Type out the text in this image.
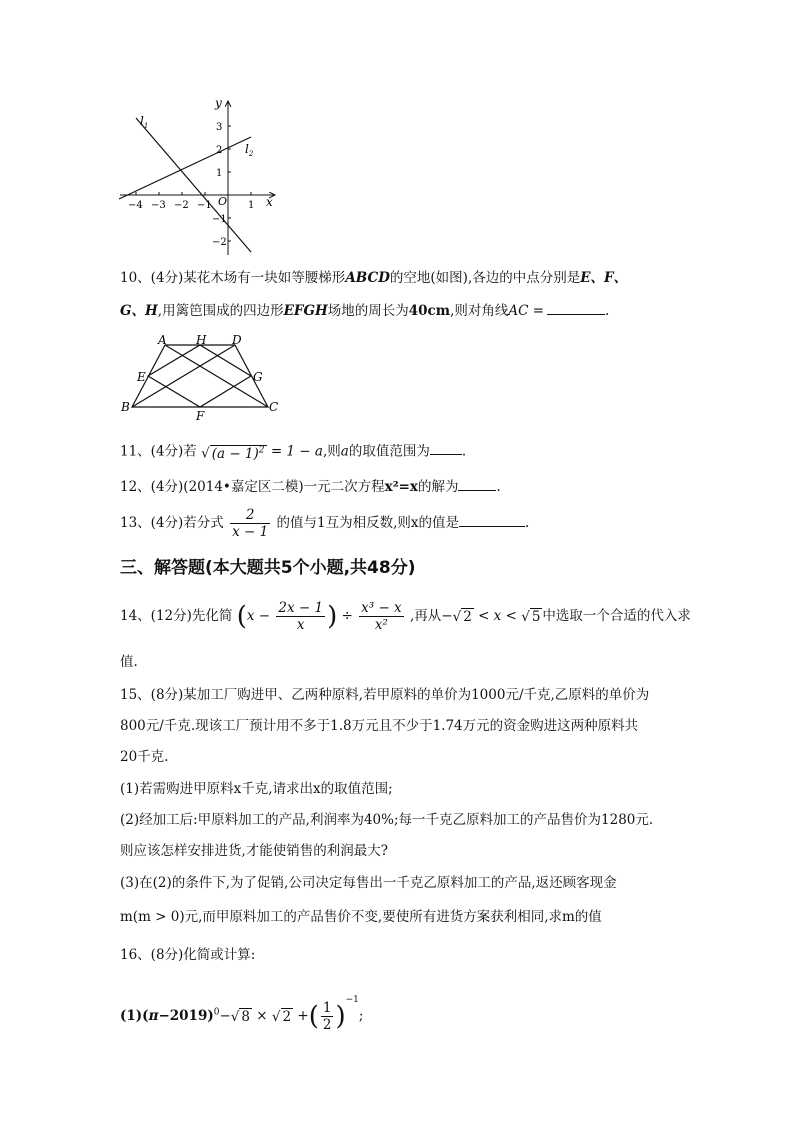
y
x
O
$l_1$
$l_2$
−4 −3 −2 −1	1
3
2
1
−1
−2
10、(4分)某花木场有一块如等腰梯形ABCD的空地(如图),各边的中点分别是E、F、
G、H,用篱笆围成的四边形EFGH场地的周长为40cm,则对角线AC =	.
A H D
E	G
B
F
C
11、(4分)若 √ $(a - 1)^2 = 1 - a$,则a的取值范围为 .
12、(4分)(2014•嘉定区二模)一元二次方程x²=x的解为	.
13、(4分)若分式 $\frac{2}{x - 1}$ 的值与1互为相反数,则x的值是	.
三、解答题(本大题共5个小题,共48分)
14、(12分)先化简 ($x - \frac{2x - 1}{x}$ ) ÷ $\frac{\text{x³ − x}}{\text{x²}}$ ,再从−√ 2 < x < √ 5 中选取一个合适的代入求
值.
15、(8分)某加工厂购进甲、乙两种原料,若甲原料的单价为1000元/千克,乙原料的单价为
800元/千克.现该工厂预计用不多于1.8万元且不少于1.74万元的资金购进这两种原料共
20千克.
(1)若需购进甲原料x千克,请求出x的取值范围;
(2)经加工后:甲原料加工的产品,利润率为40%;每一千克乙原料加工的产品售价为1280元.
则应该怎样安排进货,才能使销售的利润最大?
(3)在(2)的条件下,为了促销,公司决定每售出一千克乙原料加工的产品,返还顾客现金
m(m > 0)元,而甲原料加工的产品售价不变,要使所有进货方案获利相同,求m的值
16、(8分)化简或计算:
$(1)(\pi-2019)^0-√$ 8 × √ 2 +( $\frac{1}{2} )^{-1}$;
